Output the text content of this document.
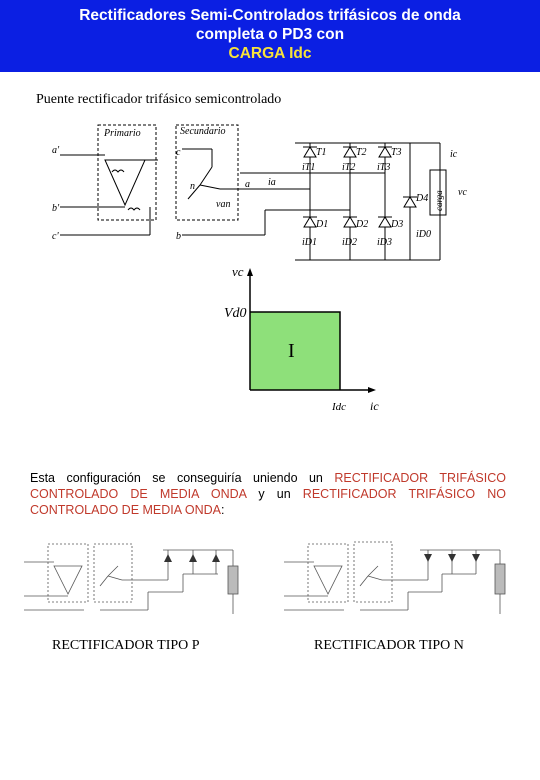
Rectificadores Semi-Controlados trifásicos de onda
completa o PD3 con
CARGA Idc
Puente rectificador trifásico semicontrolado
Primario	Secundario
a'
b'
c'
c
b
n	a
van
ia
T1	T2 T3
iT1	iT2 iT3
D1	D2 D3
D4
iD1	iD2 iD3
iD0
ic
vc
carga
vc
Vd0
Idc ic
I
Esta configuración se conseguiría uniendo un RECTIFICADOR TRIFÁSICO CONTROLADO DE MEDIA ONDA y un RECTIFICADOR TRIFÁSICO NO CONTROLADO DE MEDIA ONDA:
RECTIFICADOR TIPO P	RECTIFICADOR TIPO N
